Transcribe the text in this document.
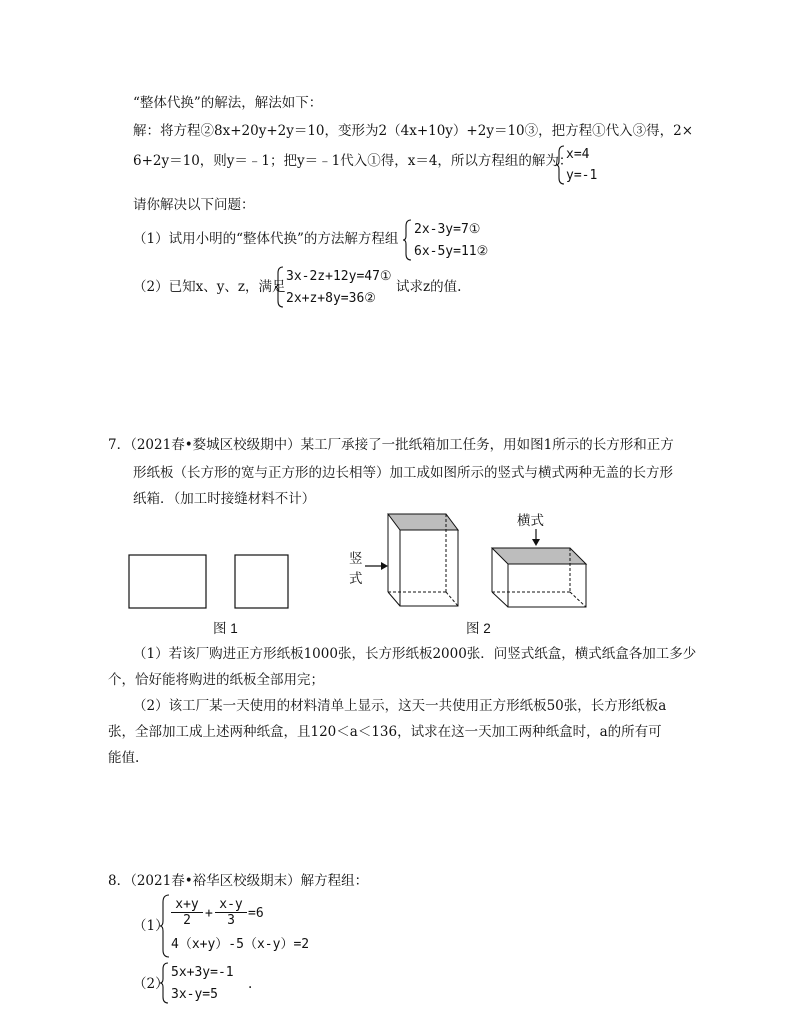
“整体代换”的解法，解法如下：
解：将方程②8x+20y+2y＝10，变形为2（4x+10y）+2y＝10③，把方程①代入③得，2×
6+2y＝10，则y＝﹣1；把y＝﹣1代入①得，x＝4，所以方程组的解为：
x=4
y=-1
请你解决以下问题：
（1）试用小明的“整体代换”的方法解方程组
2x-3y=7①
6x-5y=11②
（2）已知x、y、z，满足
3x-2z+12y=47①
2x+z+8y=36②
试求z的值.
7．（2021春•婺城区校级期中）某工厂承接了一批纸箱加工任务，用如图1所示的长方形和正方
形纸板（长方形的宽与正方形的边长相等）加工成如图所示的竖式与横式两种无盖的长方形
纸箱．（加工时接缝材料不计）
图 1
竖
式
横式
图 2
（1）若该厂购进正方形纸板1000张，长方形纸板2000张．问竖式纸盒，横式纸盒各加工多少
个，恰好能将购进的纸板全部用完；
（2）该工厂某一天使用的材料清单上显示，这天一共使用正方形纸板50张，长方形纸板a
张，全部加工成上述两种纸盒，且120＜a＜136，试求在这一天加工两种纸盒时，a的所有可
能值.
8．（2021春•裕华区校级期末）解方程组：
$(1) \frac{x+y}{2} + \frac{x-y}{3} =6$
4（x+y）-5（x-y）=2
（2）
5x+3y=-1
3x-y=5
.
